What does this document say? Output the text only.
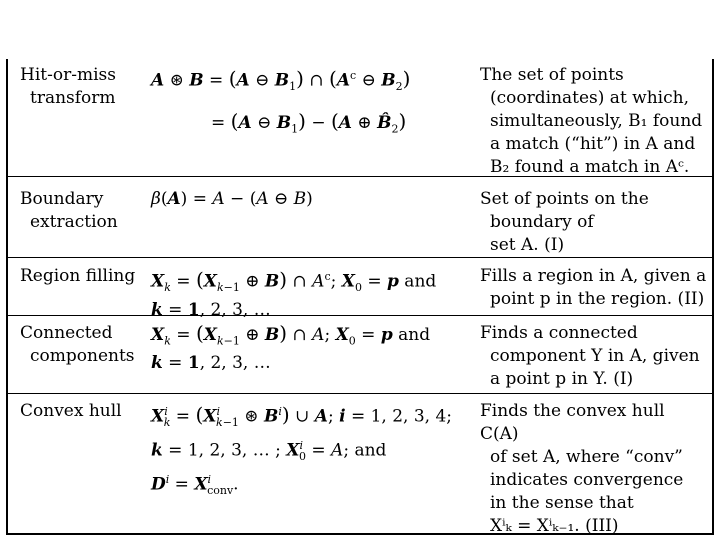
Hit-or-miss
transform
A ⊛ B = (A ⊖ $B_1$) ∩ ($A^c$ ⊖ $B_2$)
= (A ⊖ $B_1) - (A$ ⊕ $B̂_2$)
The set of points
(coordinates) at which,
simultaneously, B₁ found
a match (“hit”) in A and
B₂ found a match in Aᶜ.
Boundary
extraction
β(A) = A − (A ⊖ B)	Set of points on the
boundary of
set A. (I)
Region filling $X_k = (X_{k-1}$ ⊕ B) ∩ $A^c$; $X_0 = p$ and
k = 1, 2, 3, …
Fills a region in A, given a
point p in the region. (II)
Connected
components
$X_k = (X_{k-1}$ ⊕ B) ∩ A; $X_0 = p$ and
k = 1, 2, 3, …
Finds a connected
component Y in A, given
a point p in Y. (I)
Convex hull	$X^i_k = (X^i_{k-1}$ ⊛ $B^i$) ∪ A; i = 1, 2, 3, 4;
k = 1, 2, 3, … ; $X^i_0 = A$; and
$D^i = X^i_{conv}$.
Finds the convex hull C(A)
of set A, where “conv”
indicates convergence
in the sense that
Xⁱₖ = Xⁱₖ₋₁. (III)
